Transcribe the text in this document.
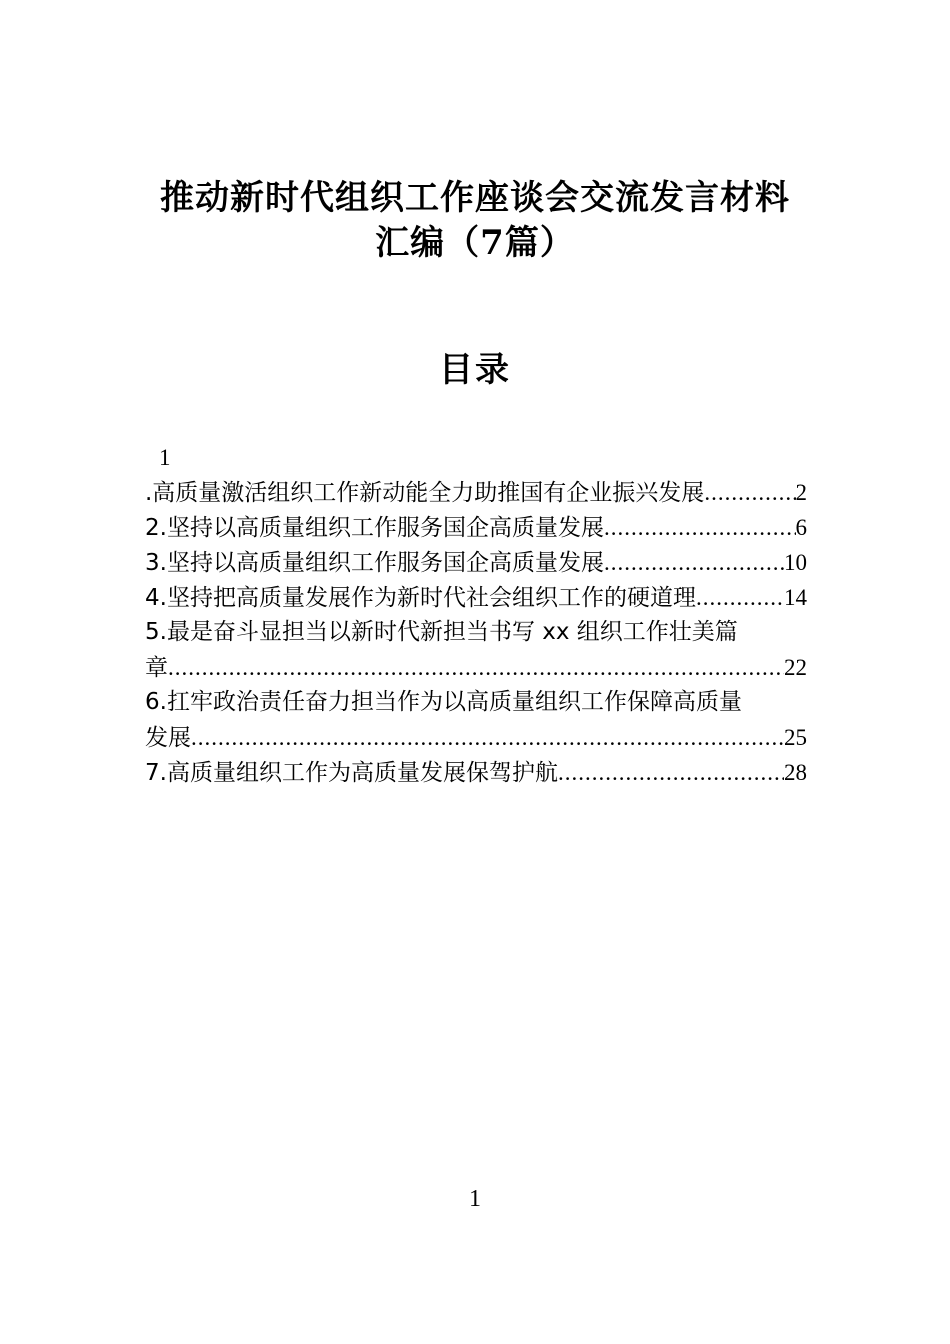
推动新时代组织工作座谈会交流发言材料
汇编（7篇）
目录
1
.高质量激活组织工作新动能全力助推国有企业振兴发展 .....	2
2.坚持以高质量组织工作服务国企高质量发展 .....	6
3.坚持以高质量组织工作服务国企高质量发展 .....	10
4.坚持把高质量发展作为新时代社会组织工作的硬道理 .....	14
5.最是奋斗显担当以新时代新担当书写 xx 组织工作壮美篇
章 .....	22
6.扛牢政治责任奋力担当作为以高质量组织工作保障高质量
发展 .....	25
7.高质量组织工作为高质量发展保驾护航 .....	28
1
